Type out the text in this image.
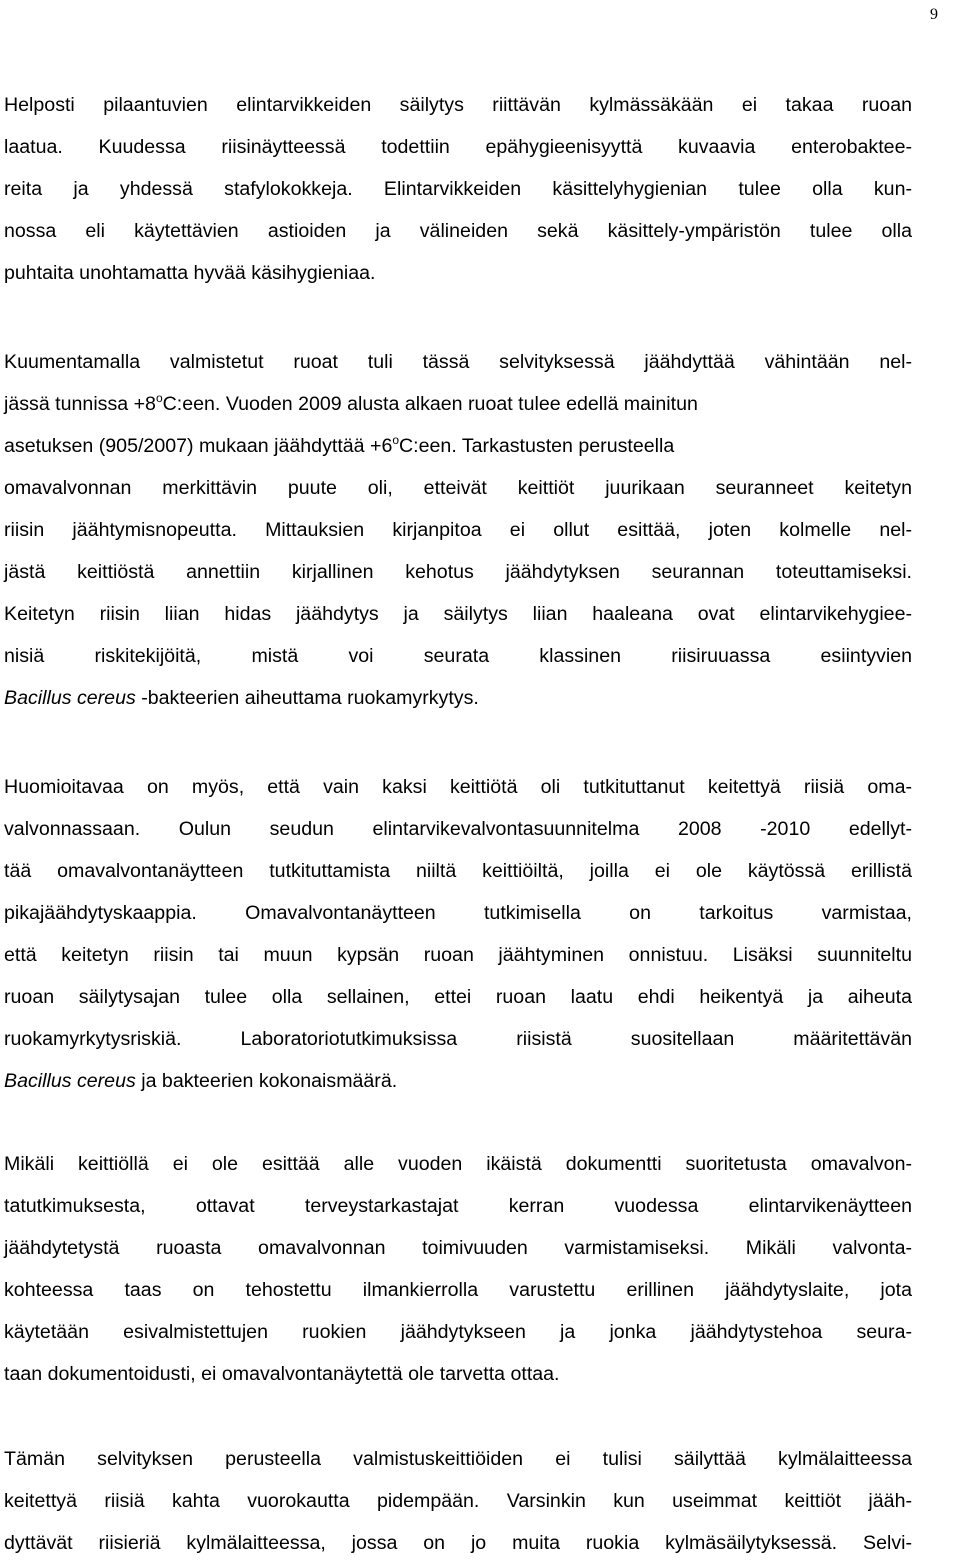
9
Helposti pilaantuvien elintarvikkeiden säilytys riittävän kylmässäkään ei takaa ruoan
laatua. Kuudessa riisinäytteessä todettiin epähygieenisyyttä kuvaavia enterobaktee-
reita ja yhdessä stafylokokkeja. Elintarvikkeiden käsittelyhygienian tulee olla kun-
nossa eli käytettävien astioiden ja välineiden sekä käsittely-ympäristön tulee olla
puhtaita unohtamatta hyvää käsihygieniaa.
Kuumentamalla valmistetut ruoat tuli tässä selvityksessä jäähdyttää vähintään nel-
jässä tunnissa $+8^oC:een$. Vuoden 2009 alusta alkaen ruoat tulee edellä mainitun
asetuksen (905/2007) mukaan jäähdyttää $+6^oC:een$. Tarkastusten perusteella
omavalvonnan merkittävin puute oli, etteivät keittiöt juurikaan seuranneet keitetyn
riisin jäähtymisnopeutta. Mittauksien kirjanpitoa ei ollut esittää, joten kolmelle nel-
jästä keittiöstä annettiin kirjallinen kehotus jäähdytyksen seurannan toteuttamiseksi.
Keitetyn riisin liian hidas jäähdytys ja säilytys liian haaleana ovat elintarvikehygiee-
nisiä riskitekijöitä, mistä voi seurata klassinen riisiruuassa esiintyvien
Bacillus cereus -bakteerien aiheuttama ruokamyrkytys.
Huomioitavaa on myös, että vain kaksi keittiötä oli tutkituttanut keitettyä riisiä oma-
valvonnassaan. Oulun seudun elintarvikevalvontasuunnitelma 2008 -2010 edellyt-
tää omavalvontanäytteen tutkituttamista niiltä keittiöiltä, joilla ei ole käytössä erillistä
pikajäähdytyskaappia. Omavalvontanäytteen tutkimisella on tarkoitus varmistaa,
että keitetyn riisin tai muun kypsän ruoan jäähtyminen onnistuu. Lisäksi suunniteltu
ruoan säilytysajan tulee olla sellainen, ettei ruoan laatu ehdi heikentyä ja aiheuta
ruokamyrkytysriskiä. Laboratoriotutkimuksissa riisistä suositellaan määritettävän
Bacillus cereus ja bakteerien kokonaismäärä.
Mikäli keittiöllä ei ole esittää alle vuoden ikäistä dokumentti suoritetusta omavalvon-
tatutkimuksesta, ottavat terveystarkastajat kerran vuodessa elintarvikenäytteen
jäähdytetystä ruoasta omavalvonnan toimivuuden varmistamiseksi. Mikäli valvonta-
kohteessa taas on tehostettu ilmankierrolla varustettu erillinen jäähdytyslaite, jota
käytetään esivalmistettujen ruokien jäähdytykseen ja jonka jäähdytystehoa seura-
taan dokumentoidusti, ei omavalvontanäytettä ole tarvetta ottaa.
Tämän selvityksen perusteella valmistuskeittiöiden ei tulisi säilyttää kylmälaitteessa
keitettyä riisiä kahta vuorokautta pidempään. Varsinkin kun useimmat keittiöt jääh-
dyttävät riisieriä kylmälaitteessa, jossa on jo muita ruokia kylmäsäilytyksessä. Selvi-
